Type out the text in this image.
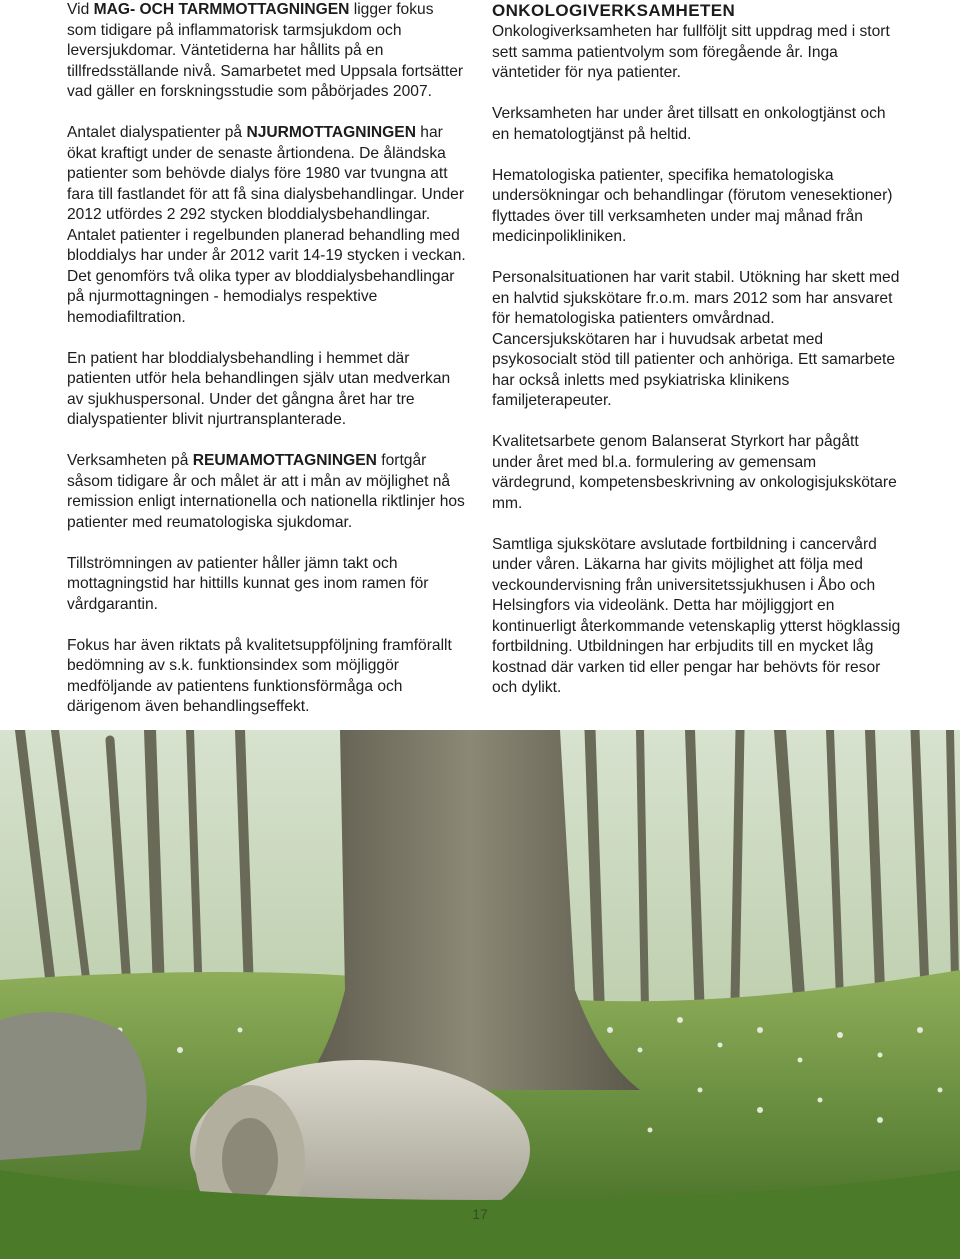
Vid MAG- OCH TARMMOTTAGNINGEN ligger fokus som tidigare på inflammatorisk tarmsjukdom och leversjukdomar. Väntetiderna har hållits på en tillfredsställande nivå. Samarbetet med Uppsala fortsätter vad gäller en forskningsstudie som påbörjades 2007.

Antalet dialyspatienter på NJURMOTTAGNINGEN har ökat kraftigt under de senaste årtiondena. De åländska patienter som behövde dialys före 1980 var tvungna att fara till fastlandet för att få sina dialysbehandlingar. Under 2012 utfördes 2 292 stycken bloddialysbehandlingar. Antalet patienter i regelbunden planerad behandling med bloddialys har under år 2012 varit 14-19 stycken i veckan. Det genomförs två olika typer av bloddialysbehandlingar på njurmottagningen - hemodialys respektive hemodiafiltration.

En patient har bloddialysbehandling i hemmet där patienten utför hela behandlingen själv utan medverkan av sjukhuspersonal. Under det gångna året har tre dialyspatienter blivit njurtransplanterade.

Verksamheten på REUMAMOTTAGNINGEN fortgår såsom tidigare år och målet är att i mån av möjlighet nå remission enligt internationella och nationella riktlinjer hos patienter med reumatologiska sjukdomar.

Tillströmningen av patienter håller jämn takt och mottagningstid har hittills kunnat ges inom ramen för vårdgarantin.

Fokus har även riktats på kvalitetsuppföljning framförallt bedömning av s.k. funktionsindex som möjliggör medföljande av patientens funktionsförmåga och därigenom även behandlingseffekt.

ONKOLOGIVERKSAMHETEN

Onkologiverksamheten har fullföljt sitt uppdrag med i stort sett samma patientvolym som föregående år. Inga väntetider för nya patienter.

Verksamheten har under året tillsatt en onkologtjänst och en hematologtjänst på heltid.

Hematologiska patienter, specifika hematologiska undersökningar och behandlingar (förutom venesektioner) flyttades över till verksamheten under maj månad från medicinpolikliniken.

Personalsituationen har varit stabil. Utökning har skett med en halvtid sjukskötare fr.o.m. mars 2012 som har ansvaret för hematologiska patienters omvårdnad. Cancersjukskötaren har i huvudsak arbetat med psykosocialt stöd till patienter och anhöriga. Ett samarbete har också inletts med psykiatriska klinikens familjeterapeuter.

Kvalitetsarbete genom Balanserat Styrkort har pågått under året med bl.a. formulering av gemensam värdegrund, kompetensbeskrivning av onkologisjukskötare mm.

Samtliga sjukskötare avslutade fortbildning i cancervård under våren. Läkarna har givits möjlighet att följa med veckoundervisning från universitetssjukhusen i Åbo och Helsingfors via videolänk. Detta har möjliggjort en kontinuerligt återkommande vetenskaplig ytterst högklassig fortbildning. Utbildningen har erbjudits till en mycket låg kostnad där varken tid eller pengar har behövts för resor och dylikt.

17
